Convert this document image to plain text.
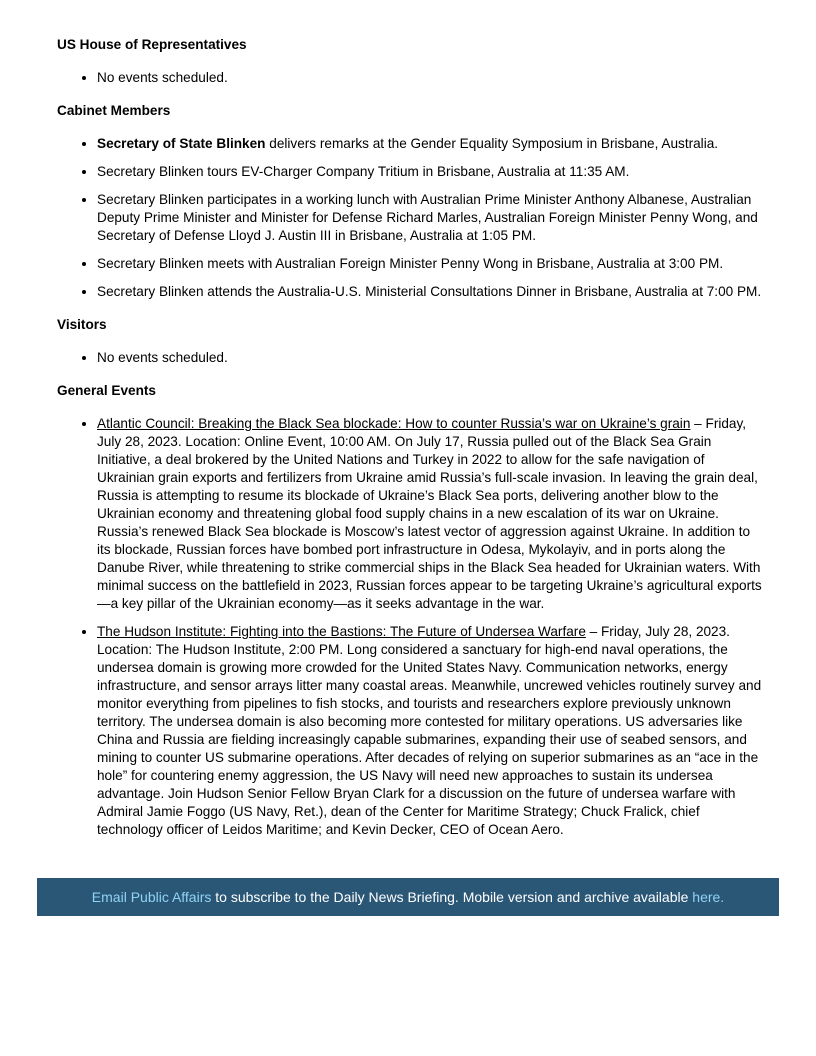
US House of Representatives

• No events scheduled.

Cabinet Members

• Secretary of State Blinken delivers remarks at the Gender Equality Symposium in Brisbane, Australia.
• Secretary Blinken tours EV-Charger Company Tritium in Brisbane, Australia at 11:35 AM.
• Secretary Blinken participates in a working lunch with Australian Prime Minister Anthony Albanese, Australian Deputy Prime Minister and Minister for Defense Richard Marles, Australian Foreign Minister Penny Wong, and Secretary of Defense Lloyd J. Austin III in Brisbane, Australia at 1:05 PM.
• Secretary Blinken meets with Australian Foreign Minister Penny Wong in Brisbane, Australia at 3:00 PM.
• Secretary Blinken attends the Australia-U.S. Ministerial Consultations Dinner in Brisbane, Australia at 7:00 PM.

Visitors

• No events scheduled.

General Events

• Atlantic Council: Breaking the Black Sea blockade: How to counter Russia’s war on Ukraine’s grain – Friday, July 28, 2023. Location: Online Event, 10:00 AM. On July 17, Russia pulled out of the Black Sea Grain Initiative, a deal brokered by the United Nations and Turkey in 2022 to allow for the safe navigation of Ukrainian grain exports and fertilizers from Ukraine amid Russia’s full-scale invasion. In leaving the grain deal, Russia is attempting to resume its blockade of Ukraine’s Black Sea ports, delivering another blow to the Ukrainian economy and threatening global food supply chains in a new escalation of its war on Ukraine. Russia’s renewed Black Sea blockade is Moscow’s latest vector of aggression against Ukraine. In addition to its blockade, Russian forces have bombed port infrastructure in Odesa, Mykolayiv, and in ports along the Danube River, while threatening to strike commercial ships in the Black Sea headed for Ukrainian waters. With minimal success on the battlefield in 2023, Russian forces appear to be targeting Ukraine’s agricultural exports—a key pillar of the Ukrainian economy—as it seeks advantage in the war.
• The Hudson Institute: Fighting into the Bastions: The Future of Undersea Warfare – Friday, July 28, 2023. Location: The Hudson Institute, 2:00 PM. Long considered a sanctuary for high-end naval operations, the undersea domain is growing more crowded for the United States Navy. Communication networks, energy infrastructure, and sensor arrays litter many coastal areas. Meanwhile, uncrewed vehicles routinely survey and monitor everything from pipelines to fish stocks, and tourists and researchers explore previously unknown territory. The undersea domain is also becoming more contested for military operations. US adversaries like China and Russia are fielding increasingly capable submarines, expanding their use of seabed sensors, and mining to counter US submarine operations. After decades of relying on superior submarines as an “ace in the hole” for countering enemy aggression, the US Navy will need new approaches to sustain its undersea advantage. Join Hudson Senior Fellow Bryan Clark for a discussion on the future of undersea warfare with Admiral Jamie Foggo (US Navy, Ret.), dean of the Center for Maritime Strategy; Chuck Fralick, chief technology officer of Leidos Maritime; and Kevin Decker, CEO of Ocean Aero.
Email Public Affairs to subscribe to the Daily News Briefing. Mobile version and archive available here.
